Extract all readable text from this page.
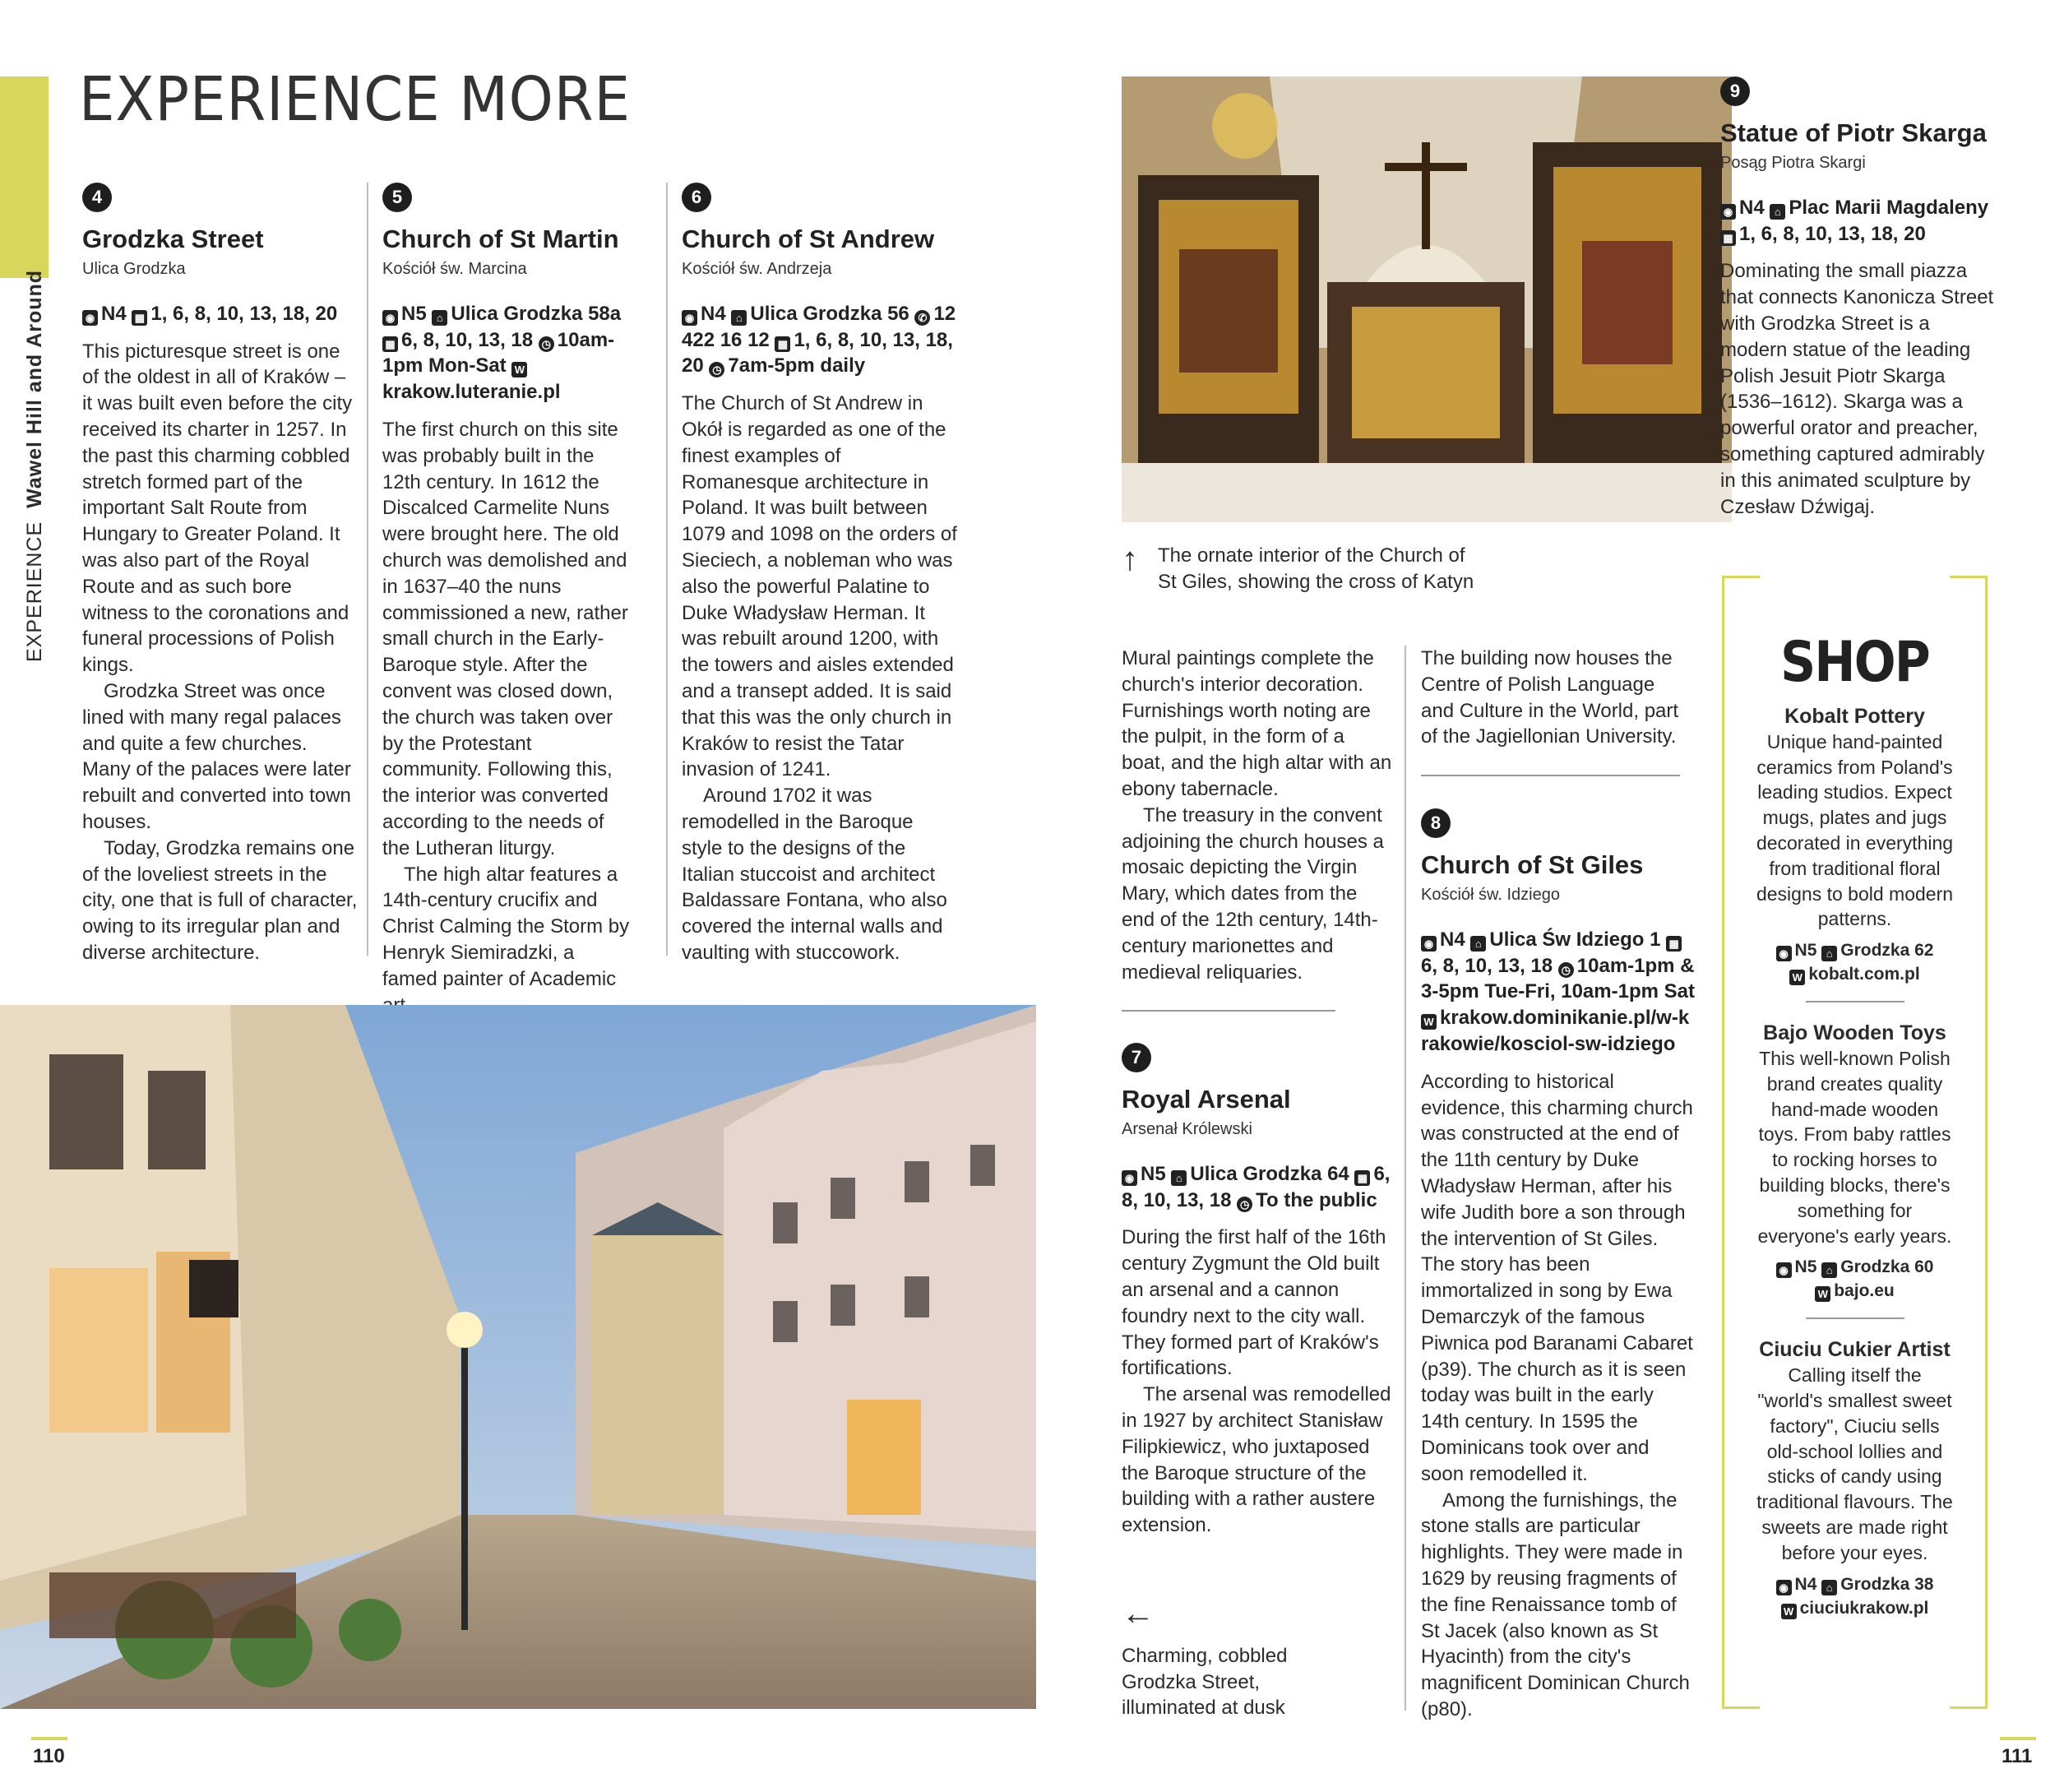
EXPERIENCE  Wawel Hill and Around
EXPERIENCE MORE
4
Grodzka Street
Ulica Grodzka
◉ N4 ▦ 1, 6, 8, 10, 13, 18, 20

This picturesque street is one of the oldest in all of Kraków – it was built even before the city received its charter in 1257. In the past this charming cobbled stretch formed part of the important Salt Route from Hungary to Greater Poland. It was also part of the Royal Route and as such bore witness to the coronations and funeral processions of Polish kings.

Grodzka Street was once lined with many regal palaces and quite a few churches. Many of the palaces were later rebuilt and converted into town houses.

Today, Grodzka remains one of the loveliest streets in the city, one that is full of character, owing to its irregular plan and diverse architecture.

5
Church of St Martin
Kościół św. Marcina
◉ N5 ⌂ Ulica Grodzka 58a ▦ 6, 8, 10, 13, 18 ◷ 10am-1pm Mon-Sat Wkrakow.luteranie.pl

The first church on this site was probably built in the 12th century. In 1612 the Discalced Carmelite Nuns were brought here. The old church was demolished and in 1637–40 the nuns commissioned a new, rather small church in the Early-Baroque style. After the convent was closed down, the church was taken over by the Protestant community. Following this, the interior was converted according to the needs of the Lutheran liturgy.

The high altar features a 14th-century crucifix and Christ Calming the Storm by Henryk Siemiradzki, a famed painter of Academic

6
Church of St Andrew
Kościół św. Andrzeja
◉ N4 ⌂ Ulica Grodzka 56 ✆ 12 422 16 12 ▦ 1, 6, 8, 10, 13, 18, 20 ◷ 7am-5pm daily

The Church of St Andrew in Okół is regarded as one of the finest examples of Romanesque architecture in Poland. It was built between 1079 and 1098 on the orders of Sieciech, a nobleman who was also the powerful Palatine to Duke Władysław Herman. It was rebuilt around 1200, with the towers and aisles extended and a transept added. It is said that this was the only church in Kraków to resist the Tatar invasion of 1241.

Around 1702 it was remodelled in the Baroque style to the designs of the Italian stuccoist and architect Baldassare Fontana, who also covered the internal walls and vaulting with stuccowork.

↑ The ornate interior of the Church of
St Giles, showing the cross of Katyn

Mural paintings complete the church's interior decoration. Furnishings worth noting are the pulpit, in the form of a boat, and the high altar with an ebony tabernacle.

The treasury in the convent adjoining the church houses a mosaic depicting the Virgin Mary, which dates from the end of the 12th century, 14th-century marionettes and medieval reliquaries.

7
Royal Arsenal
Arsenał Królewski
◉ N5 ⌂ Ulica Grodzka 64 ▦ 6, 8, 10, 13, 18 ◷ To the public

During the first half of the 16th century Zygmunt the Old built an arsenal and a cannon foundry next to the city wall. They formed part of Kraków's fortifications.

The arsenal was remodelled in 1927 by architect Stanisław Filipkiewicz, who juxtaposed the Baroque structure of the building with a rather austere extension.

←
Charming, cobbled
Grodzka Street,
illuminated at dusk

The building now houses the Centre of Polish Language and Culture in the World, part of the Jagiellonian University.

8
Church of St Giles
Kościół św. Idziego
◉ N4 ⌂ Ulica Św Idziego 1 ▦6, 8, 10, 13, 18 ◷ 10am-1pm & 3-5pm Tue-Fri, 10am-1pm Sat W krakow.dominikanie.pl/w-krakowie/kosciol-sw-idziego

According to historical evidence, this charming church was constructed at the end of the 11th century by Duke Władysław Herman, after his wife Judith bore a son through the intervention of St Giles. The story has been immortalized in song by Ewa Demarczyk of the famous Piwnica pod Baranami Cabaret (p39). The church as it is seen today was built in the early 14th century. In 1595 the Dominicans took over and soon remodelled it.

Among the furnishings, the stone stalls are particular highlights. They were made in 1629 by reusing fragments of the fine Renaissance tomb of St Jacek (also known as St Hyacinth) from the city's magnificent Dominican Church (p80).

9
Statue of Piotr Skarga
Posąg Piotra Skargi
◉ N4 ⌂ Plac Marii Magdaleny ▦ 1, 6, 8, 10, 13, 18, 20

Dominating the small piazza that connects Kanonicza Street with Grodzka Street is a modern statue of the leading Polish Jesuit Piotr Skarga (1536–1612). Skarga was a powerful orator and preacher, something captured admirably in this animated sculpture by Czesław Dźwigaj.

SHOP
Kobalt Pottery
Unique hand-painted ceramics from Poland's leading studios. Expect mugs, plates and jugs decorated in everything from traditional floral designs to bold modern patterns.
◉ N5 ⌂ Grodzka 62
W kobalt.com.pl
Bajo Wooden Toys
This well-known Polish brand creates quality hand-made wooden toys. From baby rattles to rocking horses to building blocks, there's something for everyone's early years.
◉ N5 ⌂ Grodzka 60
W bajo.eu
Ciuciu Cukier Artist
Calling itself the "world's smallest sweet factory", Ciuciu sells old-school lollies and sticks of candy using traditional flavours. The sweets are made right before your eyes.
◉ N4 ⌂ Grodzka 38
W ciuciukrakow.pl
110	111
